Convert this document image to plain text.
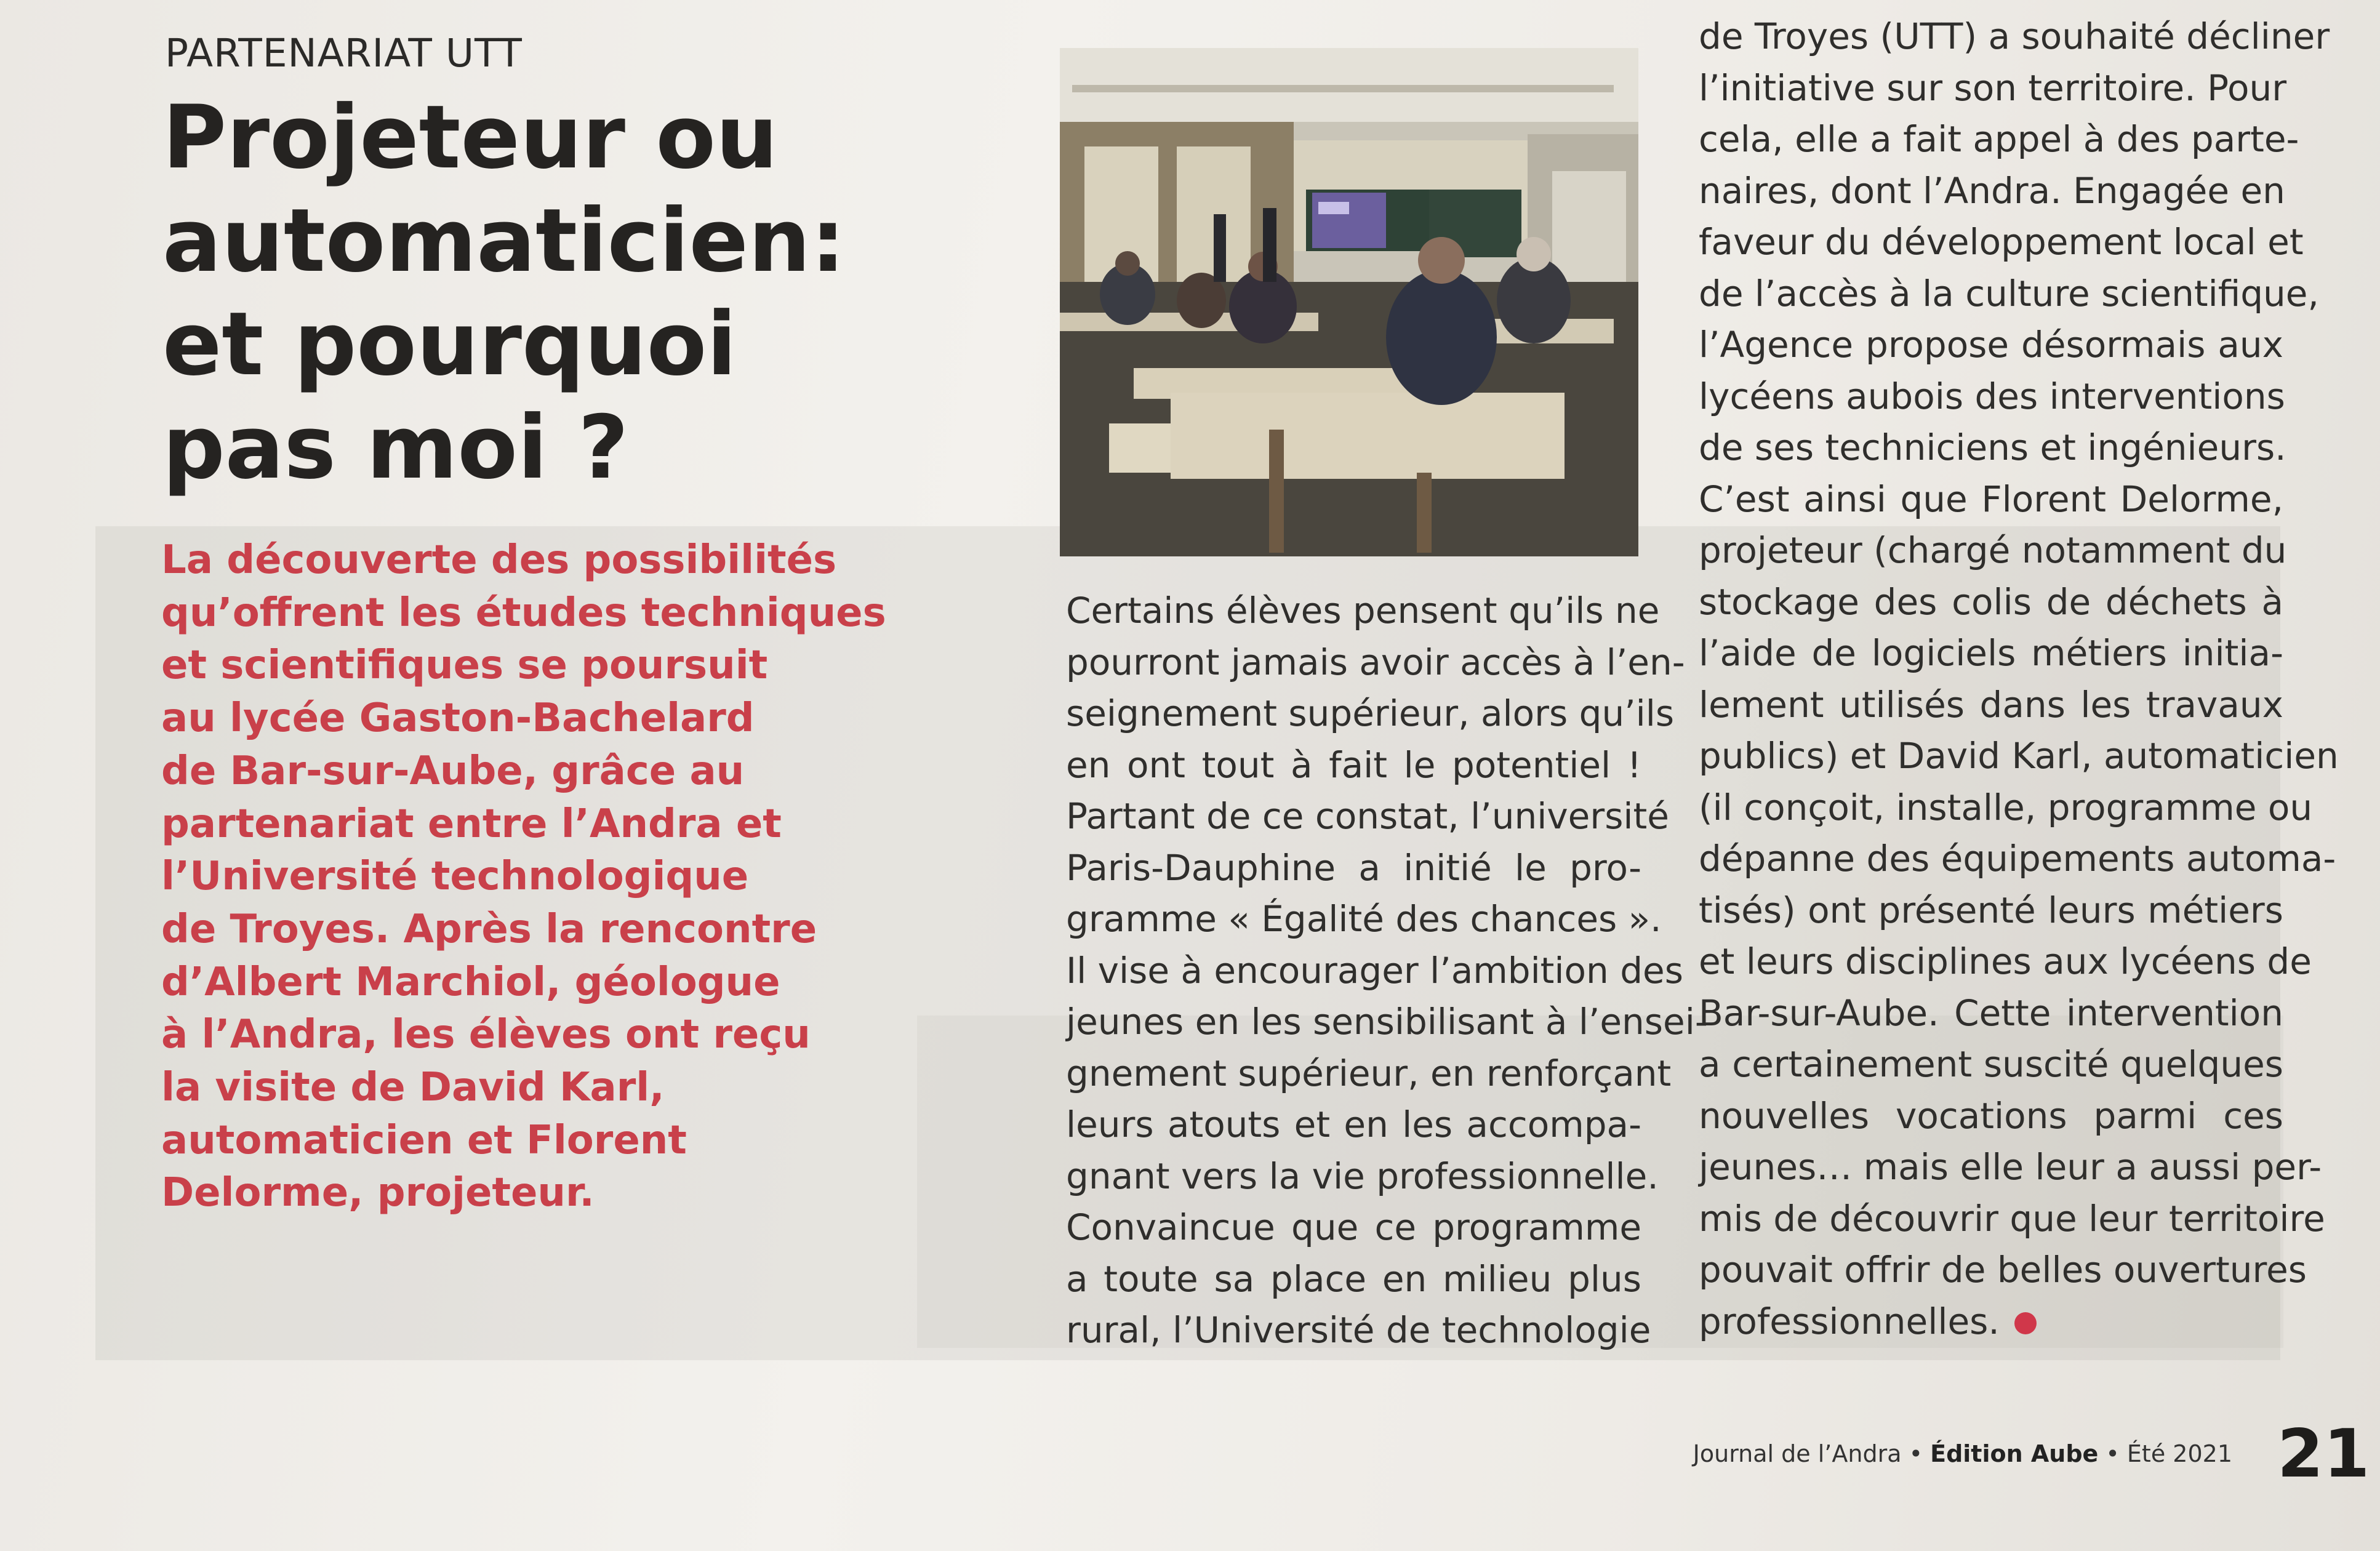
PARTENARIAT UTT
Projeteur ou
automaticien:
et pourquoi
pas moi ?
La découverte des possibilités
qu’offrent les études techniques
et scientifiques se poursuit
au lycée Gaston-Bachelard
de Bar-sur-Aube, grâce au
partenariat entre l’Andra et
l’Université technologique
de Troyes. Après la rencontre
d’Albert Marchiol, géologue
à l’Andra, les élèves ont reçu
la visite de David Karl,
automaticien et Florent
Delorme, projeteur.
Certains élèves pensent qu’ils ne
pourront jamais avoir accès à l’en-
seignement supérieur, alors qu’ils
en ont tout à fait le potentiel !
Partant de ce constat, l’université
Paris-Dauphine a initié le pro-
gramme « Égalité des chances ».
Il vise à encourager l’ambition des
jeunes en les sensibilisant à l’ensei-
gnement supérieur, en renforçant
leurs atouts et en les accompa-
gnant vers la vie professionnelle.
Convaincue que ce programme
a toute sa place en milieu plus
rural, l’Université de technologie
de Troyes (UTT) a souhaité décliner
l’initiative sur son territoire. Pour
cela, elle a fait appel à des parte-
naires, dont l’Andra. Engagée en
faveur du développement local et
de l’accès à la culture scientifique,
l’Agence propose désormais aux
lycéens aubois des interventions
de ses techniciens et ingénieurs.
C’est ainsi que Florent Delorme,
projeteur (chargé notamment du
stockage des colis de déchets à
l’aide de logiciels métiers initia-
lement utilisés dans les travaux
publics) et David Karl, automaticien
(il conçoit, installe, programme ou
dépanne des équipements automa-
tisés) ont présenté leurs métiers
et leurs disciplines aux lycéens de
Bar-sur-Aube. Cette intervention
a certainement suscité quelques
nouvelles vocations parmi ces
jeunes… mais elle leur a aussi per-
mis de découvrir que leur territoire
pouvait offrir de belles ouvertures
professionnelles.
Journal de l’Andra • Édition Aube • Été 2021 21
